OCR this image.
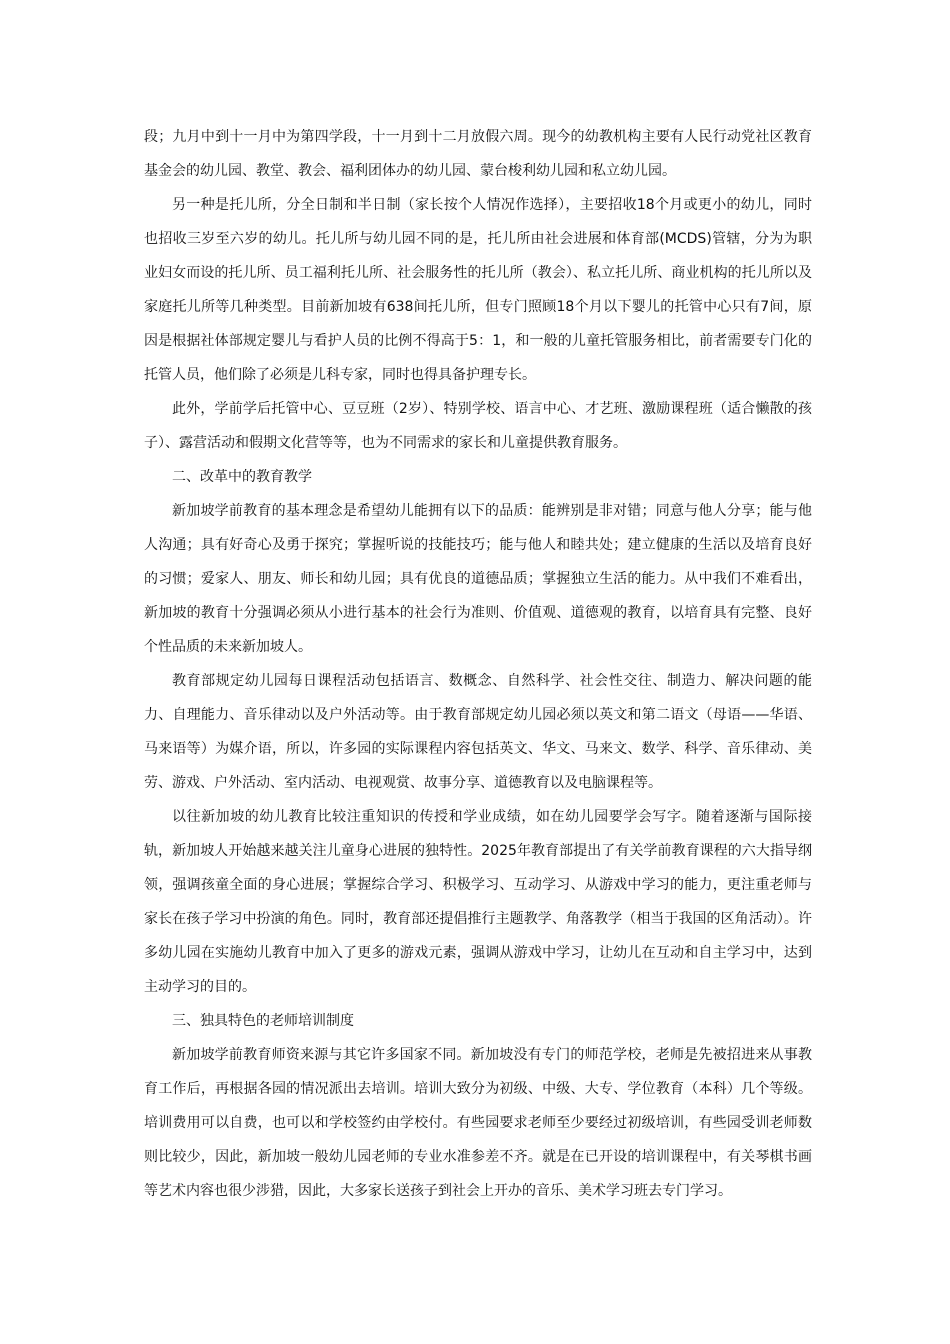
段；九月中到十一月中为第四学段，十一月到十二月放假六周。现今的幼教机构主要有人民行动党社区教育基金会的幼儿园、教堂、教会、福利团体办的幼儿园、蒙台梭利幼儿园和私立幼儿园。

另一种是托儿所，分全日制和半日制（家长按个人情况作选择），主要招收18个月或更小的幼儿，同时也招收三岁至六岁的幼儿。托儿所与幼儿园不同的是，托儿所由社会进展和体育部(MCDS)管辖，分为为职业妇女而设的托儿所、员工福利托儿所、社会服务性的托儿所（教会）、私立托儿所、商业机构的托儿所以及家庭托儿所等几种类型。目前新加坡有638间托儿所，但专门照顾18个月以下婴儿的托管中心只有7间，原因是根据社体部规定婴儿与看护人员的比例不得高于5：1，和一般的儿童托管服务相比，前者需要专门化的托管人员，他们除了必须是儿科专家，同时也得具备护理专长。

此外，学前学后托管中心、豆豆班（2岁）、特别学校、语言中心、才艺班、激励课程班（适合懒散的孩子）、露营活动和假期文化营等等，也为不同需求的家长和儿童提供教育服务。

二、改革中的教育教学

新加坡学前教育的基本理念是希望幼儿能拥有以下的品质：能辨别是非对错；同意与他人分享；能与他人沟通；具有好奇心及勇于探究；掌握听说的技能技巧；能与他人和睦共处；建立健康的生活以及培育良好的习惯；爱家人、朋友、师长和幼儿园；具有优良的道德品质；掌握独立生活的能力。从中我们不难看出，新加坡的教育十分强调必须从小进行基本的社会行为准则、价值观、道德观的教育，以培育具有完整、良好个性品质的未来新加坡人。

教育部规定幼儿园每日课程活动包括语言、数概念、自然科学、社会性交往、制造力、解决问题的能力、自理能力、音乐律动以及户外活动等。由于教育部规定幼儿园必须以英文和第二语文（母语——华语、马来语等）为媒介语，所以，许多园的实际课程内容包括英文、华文、马来文、数学、科学、音乐律动、美劳、游戏、户外活动、室内活动、电视观赏、故事分享、道德教育以及电脑课程等。

以往新加坡的幼儿教育比较注重知识的传授和学业成绩，如在幼儿园要学会写字。随着逐渐与国际接轨，新加坡人开始越来越关注儿童身心进展的独特性。2025年教育部提出了有关学前教育课程的六大指导纲领，强调孩童全面的身心进展；掌握综合学习、积极学习、互动学习、从游戏中学习的能力，更注重老师与家长在孩子学习中扮演的角色。同时，教育部还提倡推行主题教学、角落教学（相当于我国的区角活动）。许多幼儿园在实施幼儿教育中加入了更多的游戏元素，强调从游戏中学习，让幼儿在互动和自主学习中，达到主动学习的目的。

三、独具特色的老师培训制度

新加坡学前教育师资来源与其它许多国家不同。新加坡没有专门的师范学校，老师是先被招进来从事教育工作后，再根据各园的情况派出去培训。培训大致分为初级、中级、大专、学位教育（本科）几个等级。培训费用可以自费，也可以和学校签约由学校付。有些园要求老师至少要经过初级培训，有些园受训老师数则比较少，因此，新加坡一般幼儿园老师的专业水准参差不齐。就是在已开设的培训课程中，有关琴棋书画等艺术内容也很少涉猎，因此，大多家长送孩子到社会上开办的音乐、美术学习班去专门学习。
